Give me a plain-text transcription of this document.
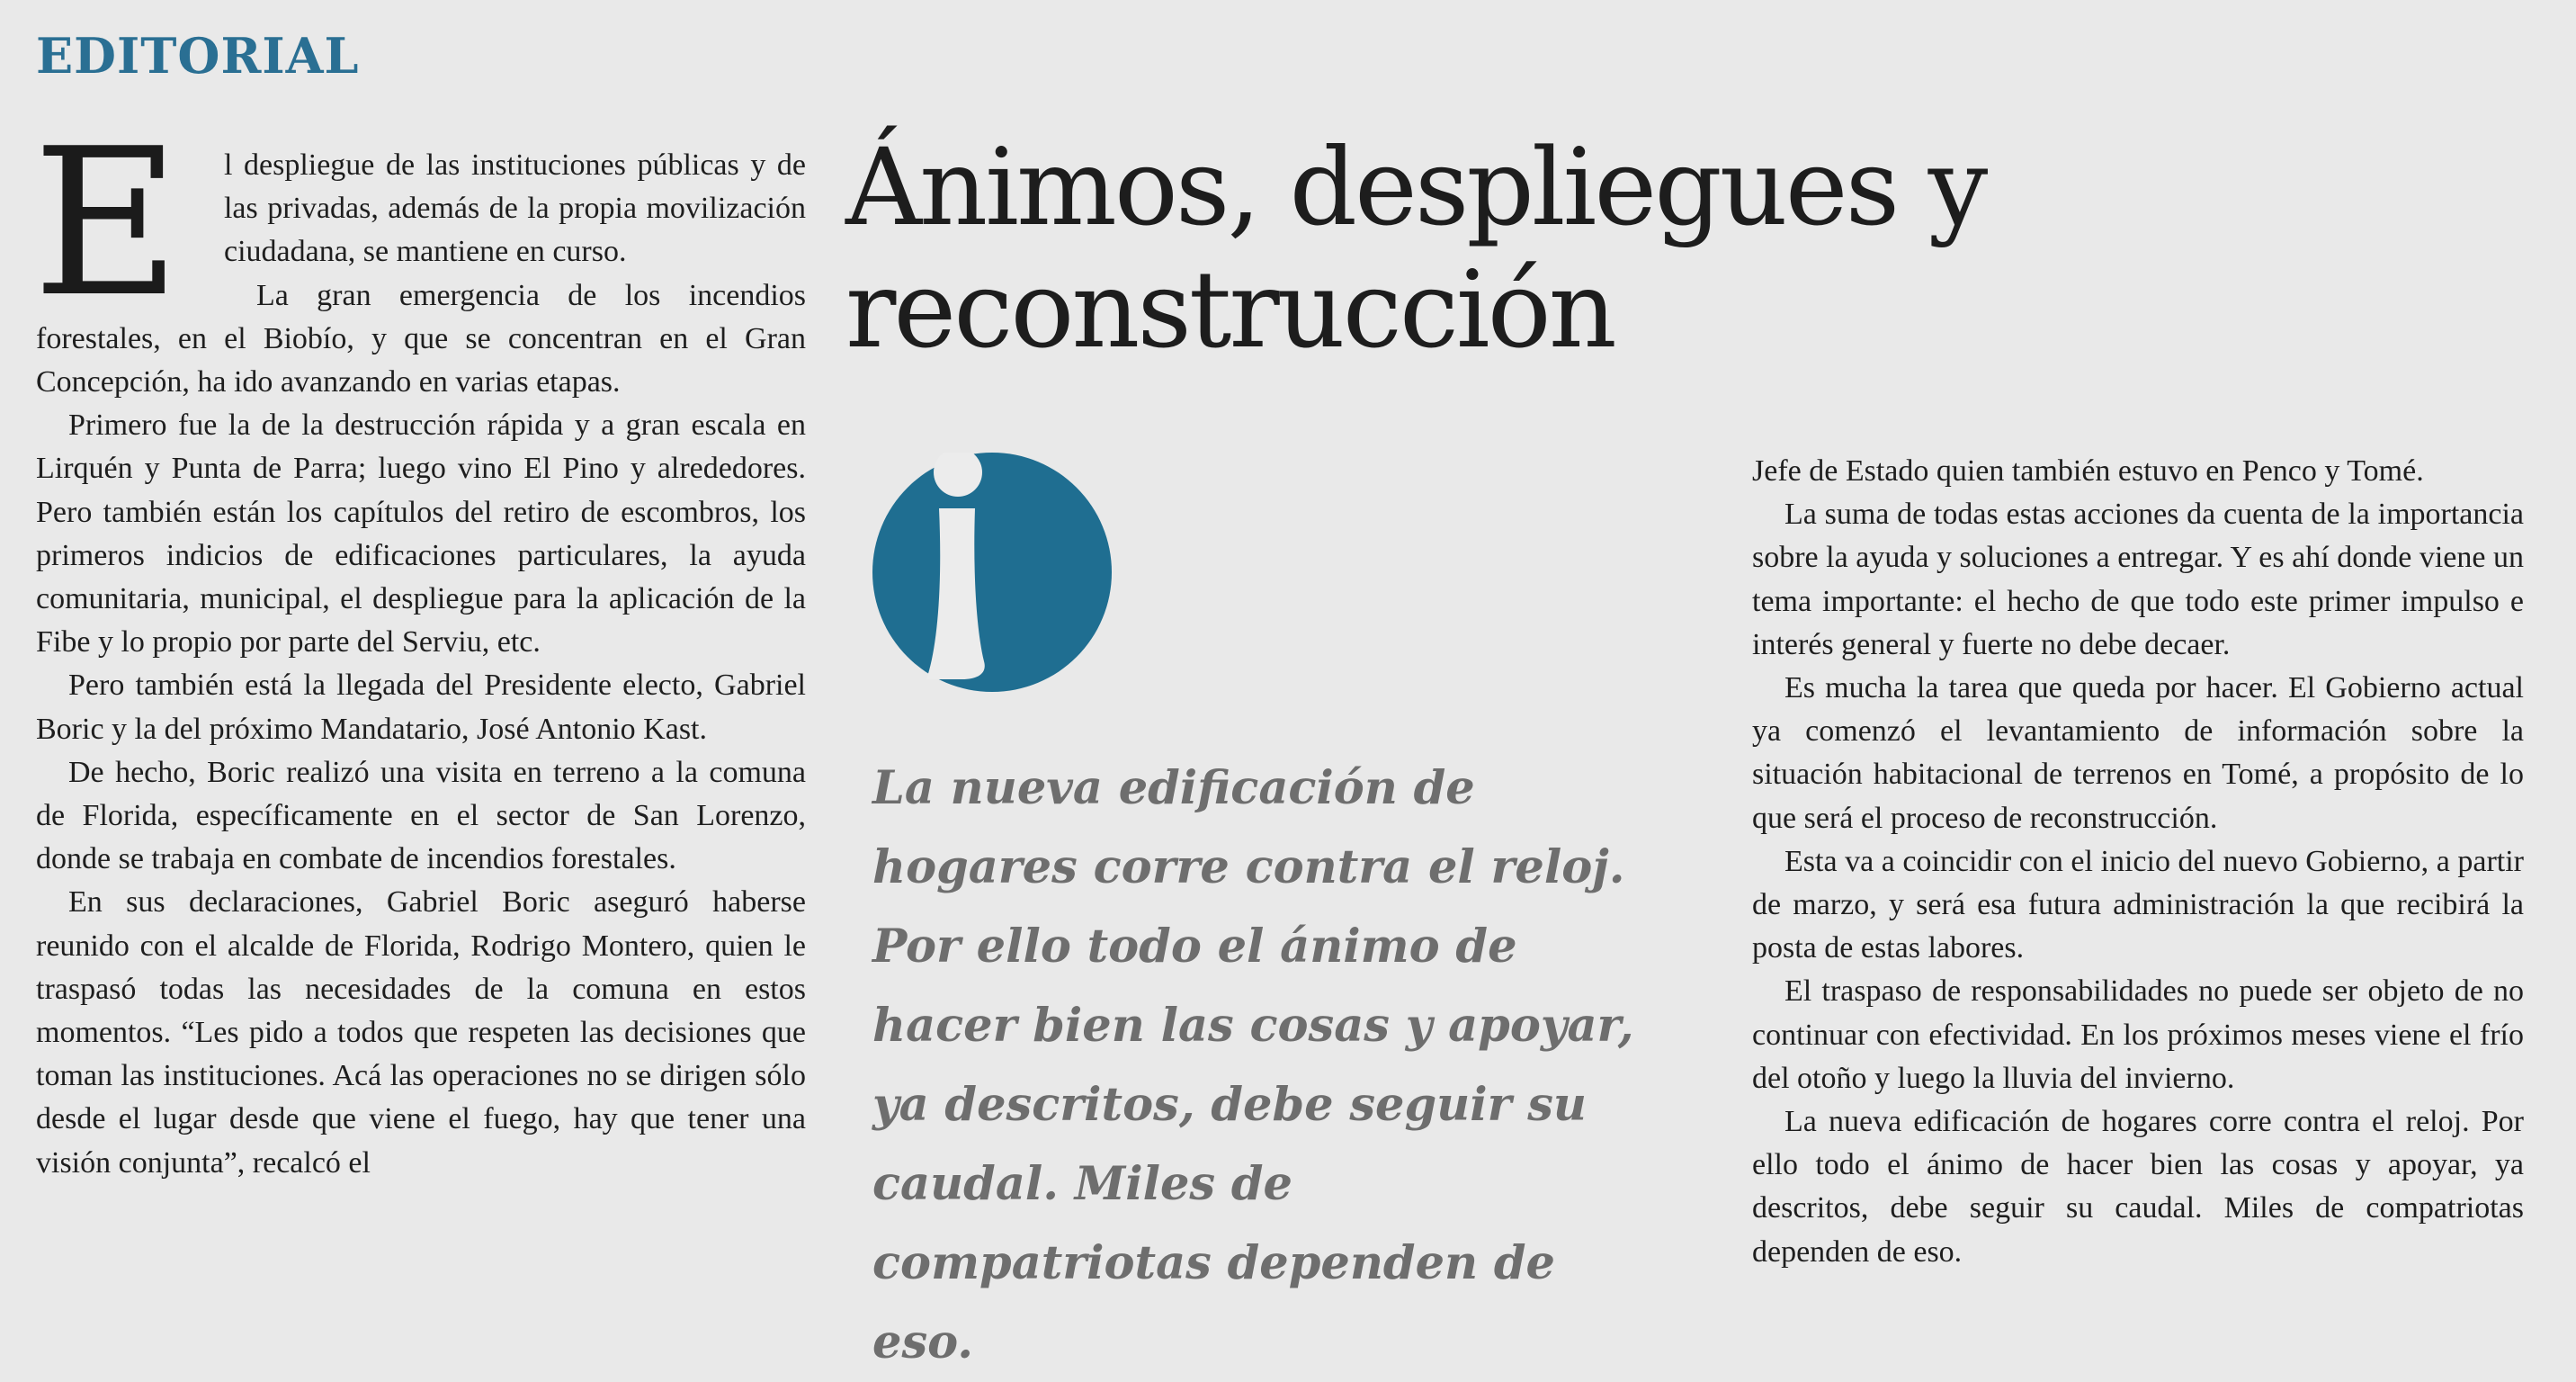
EDITORIAL
E	l despliegue de las instituciones públicas y de las privadas, además de la propia movilización ciudadana, se mantiene en curso.

La gran emergencia de los incendios forestales, en el Biobío, y que se concentran en el Gran Concepción, ha ido avanzando en varias etapas.

Primero fue la de la destrucción rápida y a gran escala en Lirquén y Punta de Parra; luego vino El Pino y alrededores. Pero también están los capítulos del retiro de escombros, los primeros indicios de edificaciones particulares, la ayuda comunitaria, municipal, el despliegue para la aplicación de la Fibe y lo propio por parte del Serviu, etc.

Pero también está la llegada del Presidente electo, Gabriel Boric y la del próximo Mandatario, José Antonio Kast.

De hecho, Boric realizó una visita en terreno a la comuna de Florida, específicamente en el sector de San Lorenzo, donde se trabaja en combate de incendios forestales.

En sus declaraciones, Gabriel Boric aseguró haberse reunido con el alcalde de Florida, Rodrigo Montero, quien le traspasó todas las necesidades de la comuna en estos momentos. “Les pido a todos que respeten las decisiones que toman las instituciones. Acá las operaciones no se dirigen sólo desde el lugar desde que viene el fuego, hay que tener una visión conjunta”, recalcó el

Ánimos, despliegues y
reconstrucción
La nueva edificación de hogares corre contra el reloj. Por ello todo el ánimo de hacer bien las cosas y apoyar, ya descritos, debe seguir su caudal. Miles de compatriotas dependen de eso.

Jefe de Estado quien también estuvo en Penco y Tomé.

La suma de todas estas acciones da cuenta de la importancia sobre la ayuda y soluciones a entregar. Y es ahí donde viene un tema importante: el hecho de que todo este primer impulso e interés general y fuerte no debe decaer.

Es mucha la tarea que queda por hacer. El Gobierno actual ya comenzó el levantamiento de información sobre la situación habitacional de terrenos en Tomé, a propósito de lo que será el proceso de reconstrucción.

Esta va a coincidir con el inicio del nuevo Gobierno, a partir de marzo, y será esa futura administración la que recibirá la posta de estas labores.

El traspaso de responsabilidades no puede ser objeto de no continuar con efectividad. En los próximos meses viene el frío del otoño y luego la lluvia del invierno.

La nueva edificación de hogares corre contra el reloj. Por ello todo el ánimo de hacer bien las cosas y apoyar, ya descritos, debe seguir su caudal. Miles de compatriotas dependen de eso.
